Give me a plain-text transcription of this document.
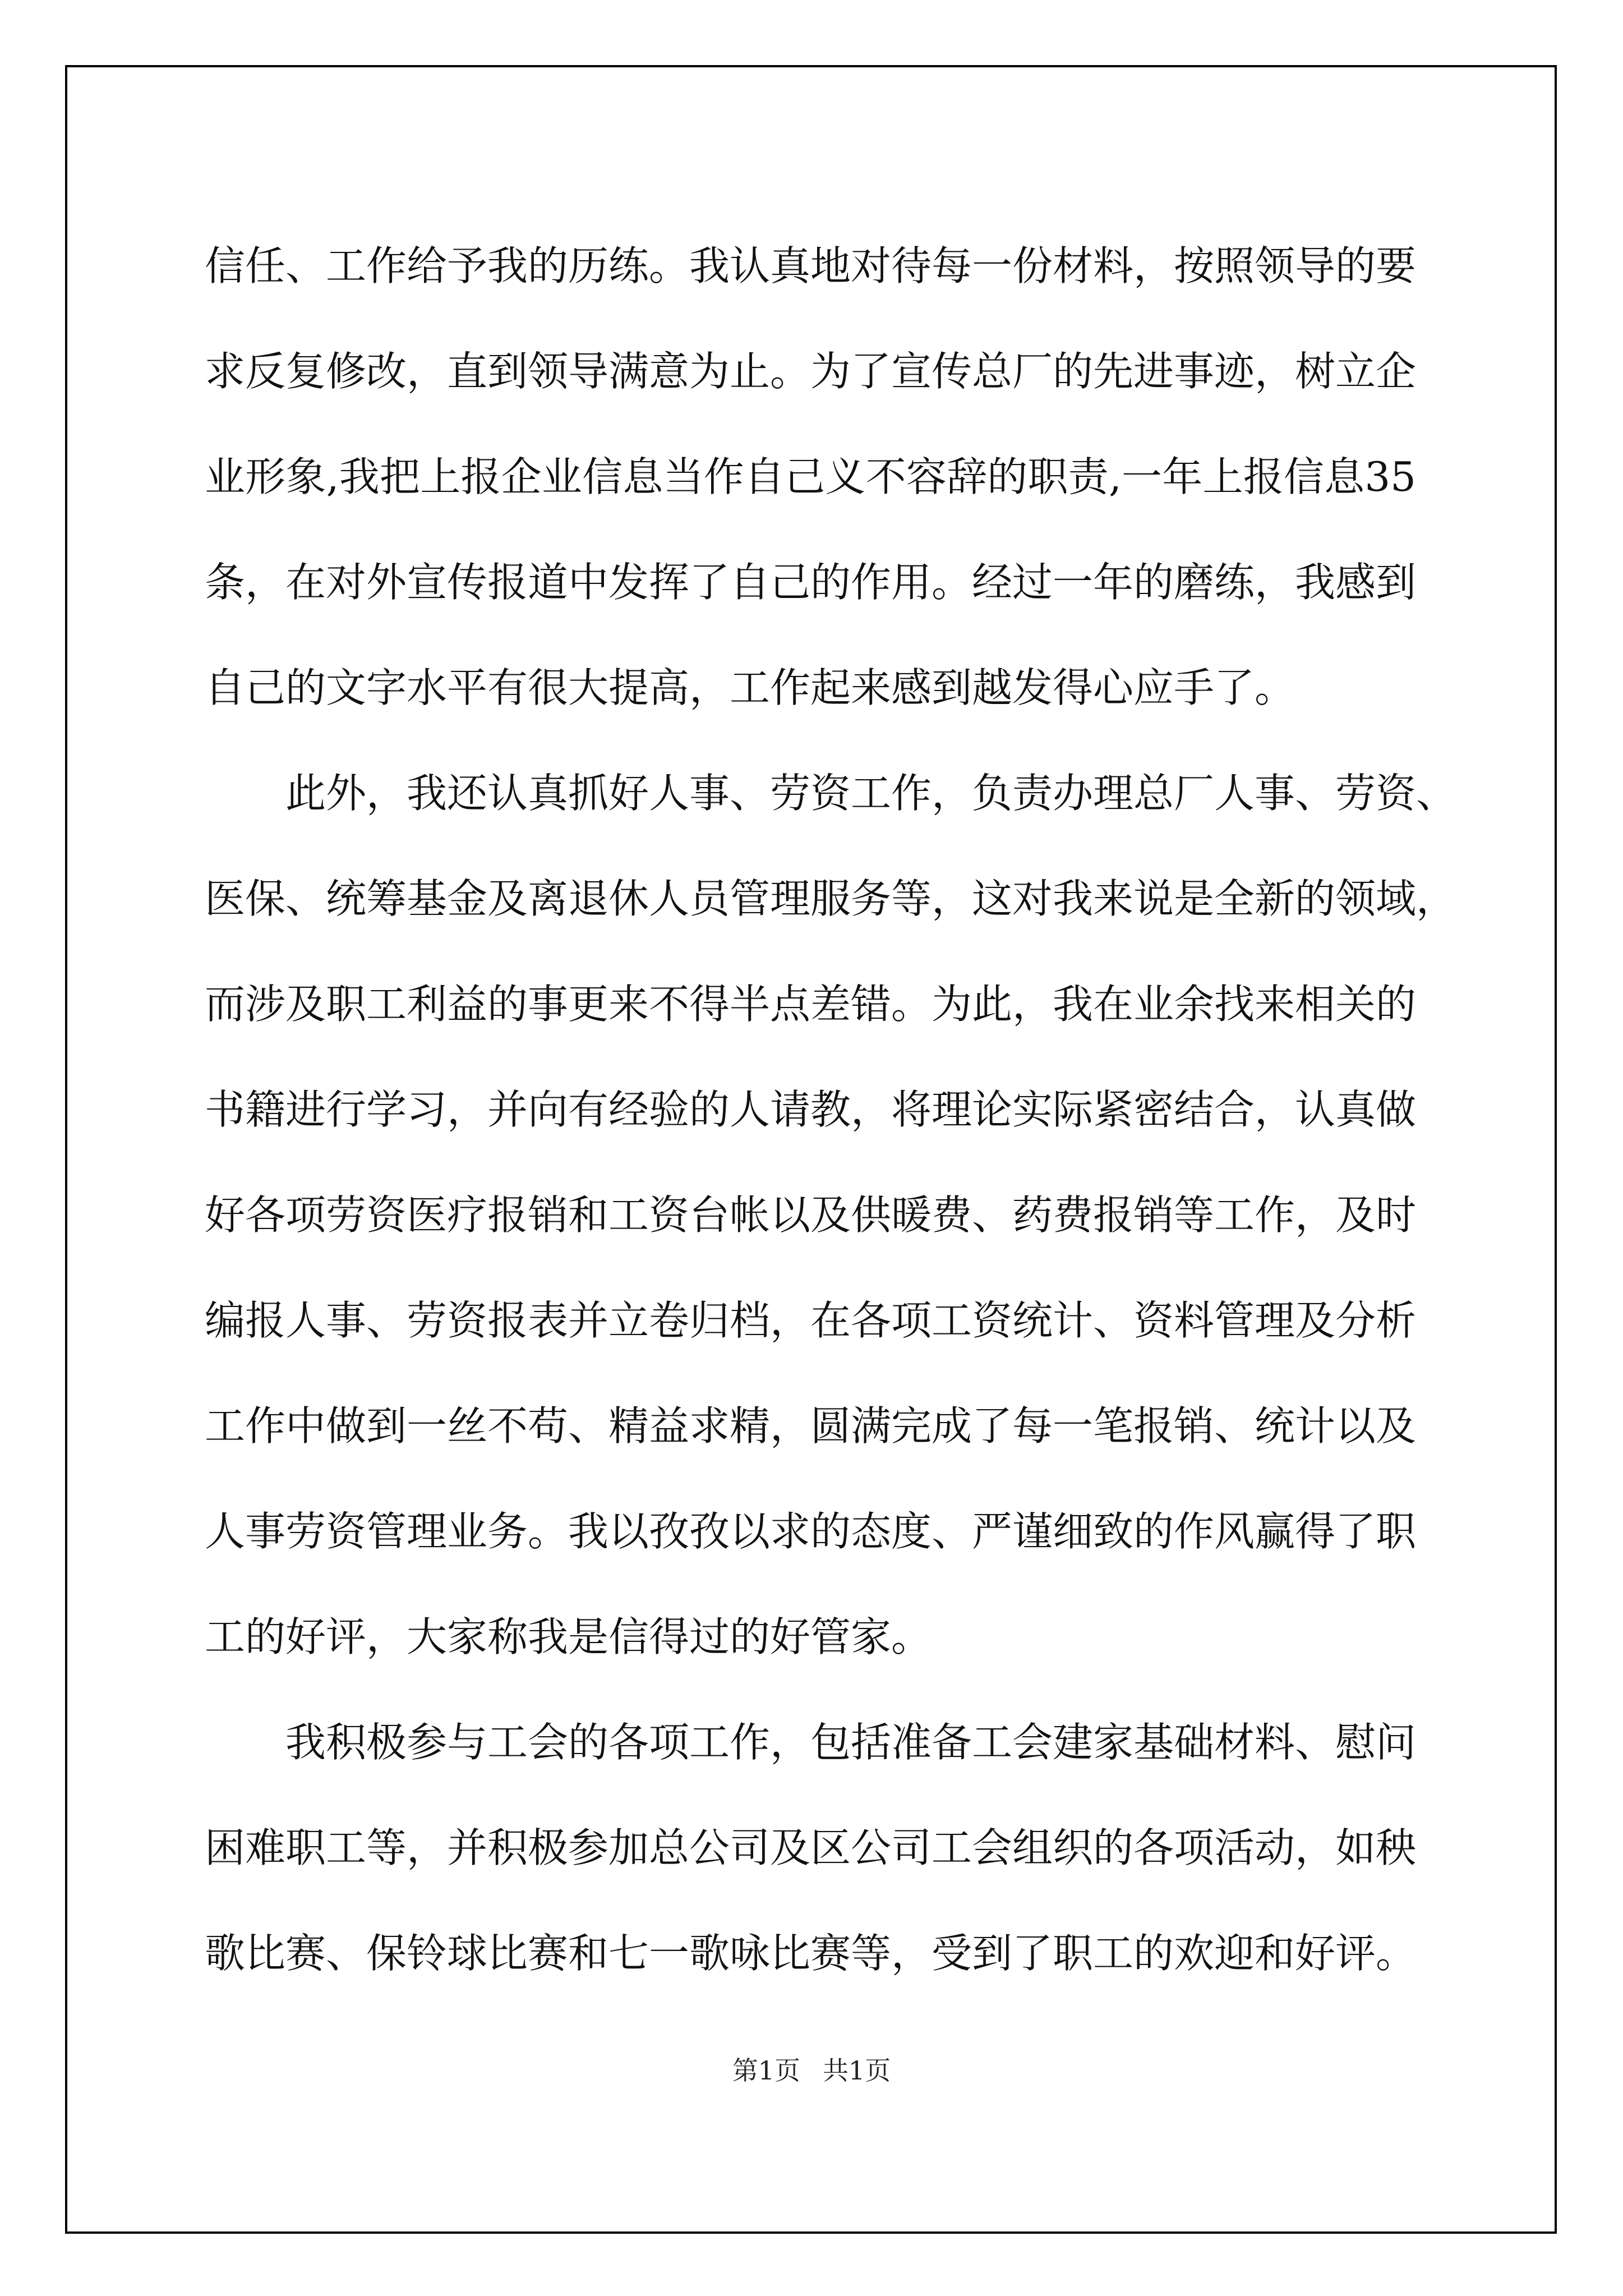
信任、工作给予我的历练。我认真地对待每一份材料，按照领导的要
求反复修改，直到领导满意为止。为了宣传总厂的先进事迹，树立企
业形象,我把上报企业信息当作自己义不容辞的职责,一年上报信息35
条，在对外宣传报道中发挥了自己的作用。经过一年的磨练，我感到
自己的文字水平有很大提高，工作起来感到越发得心应手了。
此外，我还认真抓好人事、劳资工作，负责办理总厂人事、劳资、
医保、统筹基金及离退休人员管理服务等，这对我来说是全新的领域，
而涉及职工利益的事更来不得半点差错。为此，我在业余找来相关的
书籍进行学习，并向有经验的人请教，将理论实际紧密结合，认真做
好各项劳资医疗报销和工资台帐以及供暖费、药费报销等工作，及时
编报人事、劳资报表并立卷归档，在各项工资统计、资料管理及分析
工作中做到一丝不苟、精益求精，圆满完成了每一笔报销、统计以及
人事劳资管理业务。我以孜孜以求的态度、严谨细致的作风赢得了职
工的好评，大家称我是信得过的好管家。
我积极参与工会的各项工作，包括准备工会建家基础材料、慰问
困难职工等，并积极参加总公司及区公司工会组织的各项活动，如秧
歌比赛、保铃球比赛和七一歌咏比赛等，受到了职工的欢迎和好评。
第1页 共1页
